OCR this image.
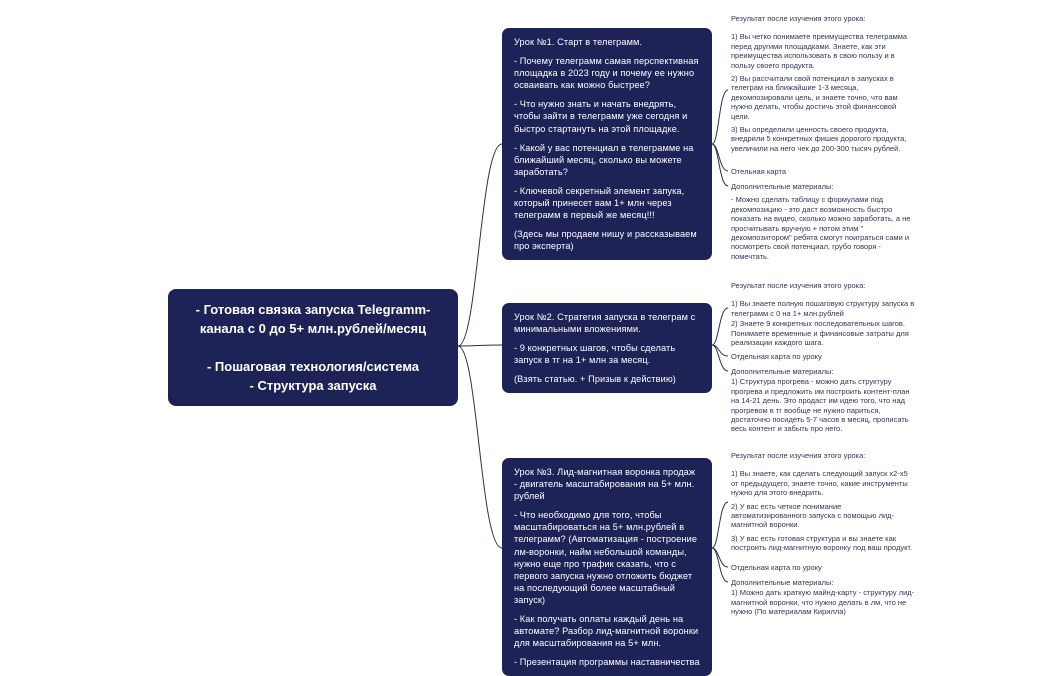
- Готовая связка запуска Telegramm-канала с 0 до 5+ млн.рублей/месяц
- Пошаговая технология/система
- Структура запуска

Урок №1. Старт в телеграмм.

- Почему телеграмм самая перспективная площадка в 2023 году и почему ее нужно осваивать как можно быстрее?

- Что нужно знать и начать внедрять, чтобы зайти в телеграмм уже сегодня и быстро стартануть на этой площадке.

- Какой у вас потенциал в телеграмме на ближайший месяц, сколько вы можете заработать?

- Ключевой секретный элемент запука, который принесет вам 1+ млн через телеграмм в первый же месяц!!!

(Здесь мы продаем нишу и рассказываем про эксперта)

Урок №2. Стратегия запуска в телеграм с минимальными вложениями.

- 9 конкретных шагов, чтобы сделать запуск в тг на 1+ млн за месяц.

(Взять статью. + Призыв к действию)

Урок №3. Лид-магнитная воронка продаж - двигатель масштабирования на 5+ млн. рублей

- Что необходимо для того, чтобы масштабироваться на 5+ млн.рублей в телеграмм? (Автоматизация - построение лм-воронки, найм небольшой команды, нужно еще про трафик сказать, что с первого запуска нужно отложить бюджет на последующий более масштабный запуск)

- Как получать оплаты каждый день на автомате? Разбор лид-магнитной воронки для масштабирования на 5+ млн.

- Презентация программы наставничества

Результат после изучения этого урока:

1) Вы четко понимаете преимущества телеграмма перед другими площадками. Знаете, как эти преимущества использовать в свою пользу и в пользу своего продукта.

2) Вы рассчитали свой потенциал в запусках в телеграм на ближайшие 1-3 месяца, декомпозировали цель, и знаете точно, что вам нужно делать, чтобы достичь этой финансовой цели.

3) Вы определили ценность своего продукта, внедрили 5 конкретных фишек дорогого продукта, увеличили на него чек до 200-300 тысяч рублей.

Отельная карта

Дополнительные материалы:

- Можно сделать таблицу с формулами под декомпозицию - это даст возможность быстро показать на видео, сколько можно заработать, а не просчитывать вручную + потом этим " декомпозитором" ребята смогут поиграться сами и посмотреть свой потенциал, грубо говоря - помечтать.

Результат после изучения этого урока:

1) Вы знаете полную пошаговую структуру запуска в телеграмм с 0 на 1+ млн.рублей

2) Знаете 9 конкретных последовательных шагов. Понимаете временные и финансовые затраты для реализации каждого шага.

Отдельная карта по уроку

Дополнительные материалы:

1) Структура прогрева - можно дать структуру прогрева и предложить им построить контент-план на 14-21 день. Это продаст им идею того, что над прогревом в тг вообще не нужно париться, достаточно посидеть 5-7 часов в месяц, прописать весь контент и забыть про него.

Результат после изучения этого урока:

1) Вы знаете, как сделать следующий запуск x2-х5 от предыдущего, знаете точно, какие инструменты нужно для этого внедрить.

2) У вас есть четкое понимание автоматизированного запуска с помощью лид-магнитной воронки.

3) У вас есть готовая структура и вы знаете как построить лид-магнитную воронку под ваш продукт.

Отдельная карта по уроку

Дополнительные материалы:

1) Можно дать краткую майнд-карту - структуру лид-магнитной воронки, что нужно делать в лм, что не нужно (По материалам Кирилла)
